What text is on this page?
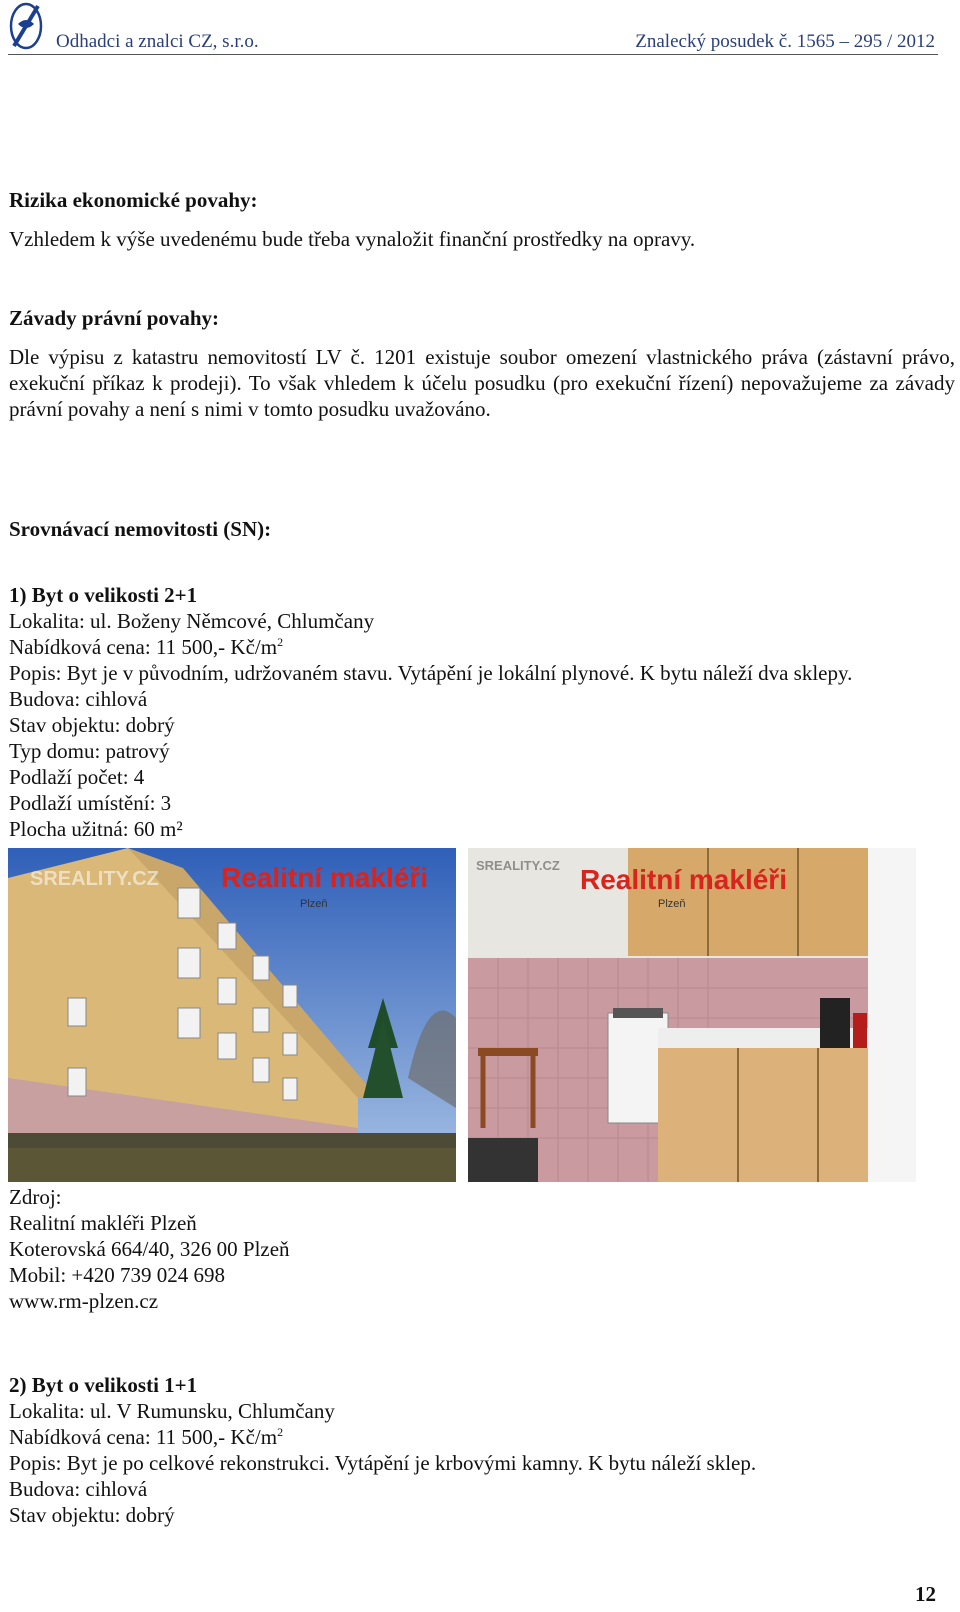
Odhadci a znalci CZ, s.r.o.	Znalecký posudek č. 1565 – 295 / 2012
Rizika ekonomické povahy:
Vzhledem k výše uvedenému bude třeba vynaložit finanční prostředky na opravy.
Závady právní povahy:
Dle výpisu z katastru nemovitostí LV č. 1201 existuje soubor omezení vlastnického práva (zástavní právo, exekuční příkaz k prodeji). To však vhledem k účelu posudku (pro exekuční řízení) nepovažujeme za závady právní povahy a není s nimi v tomto posudku uvažováno.
Srovnávací nemovitosti (SN):
1) Byt o velikosti 2+1
Lokalita: ul. Boženy Němcové, Chlumčany
Nabídková cena: 11 500,- $Kč/m^2$
Popis: Byt je v původním, udržovaném stavu. Vytápění je lokální plynové. K bytu náleží dva sklepy.
Budova: cihlová
Stav objektu: dobrý
Typ domu: patrový
Podlaží počet: 4
Podlaží umístění: 3
Plocha užitná: 60 m²
SREALITY.CZ Realitní makléři
Plzeň
SREALITY.CZ Realitní makléři
Plzeň
Zdroj:
Realitní makléři Plzeň
Koterovská 664/40, 326 00 Plzeň
Mobil: +420 739 024 698
www.rm-plzen.cz
2) Byt o velikosti 1+1
Lokalita: ul. V Rumunsku, Chlumčany
Nabídková cena: 11 500,- $Kč/m^2$
Popis: Byt je po celkové rekonstrukci. Vytápění je krbovými kamny. K bytu náleží sklep.
Budova: cihlová
Stav objektu: dobrý
12
